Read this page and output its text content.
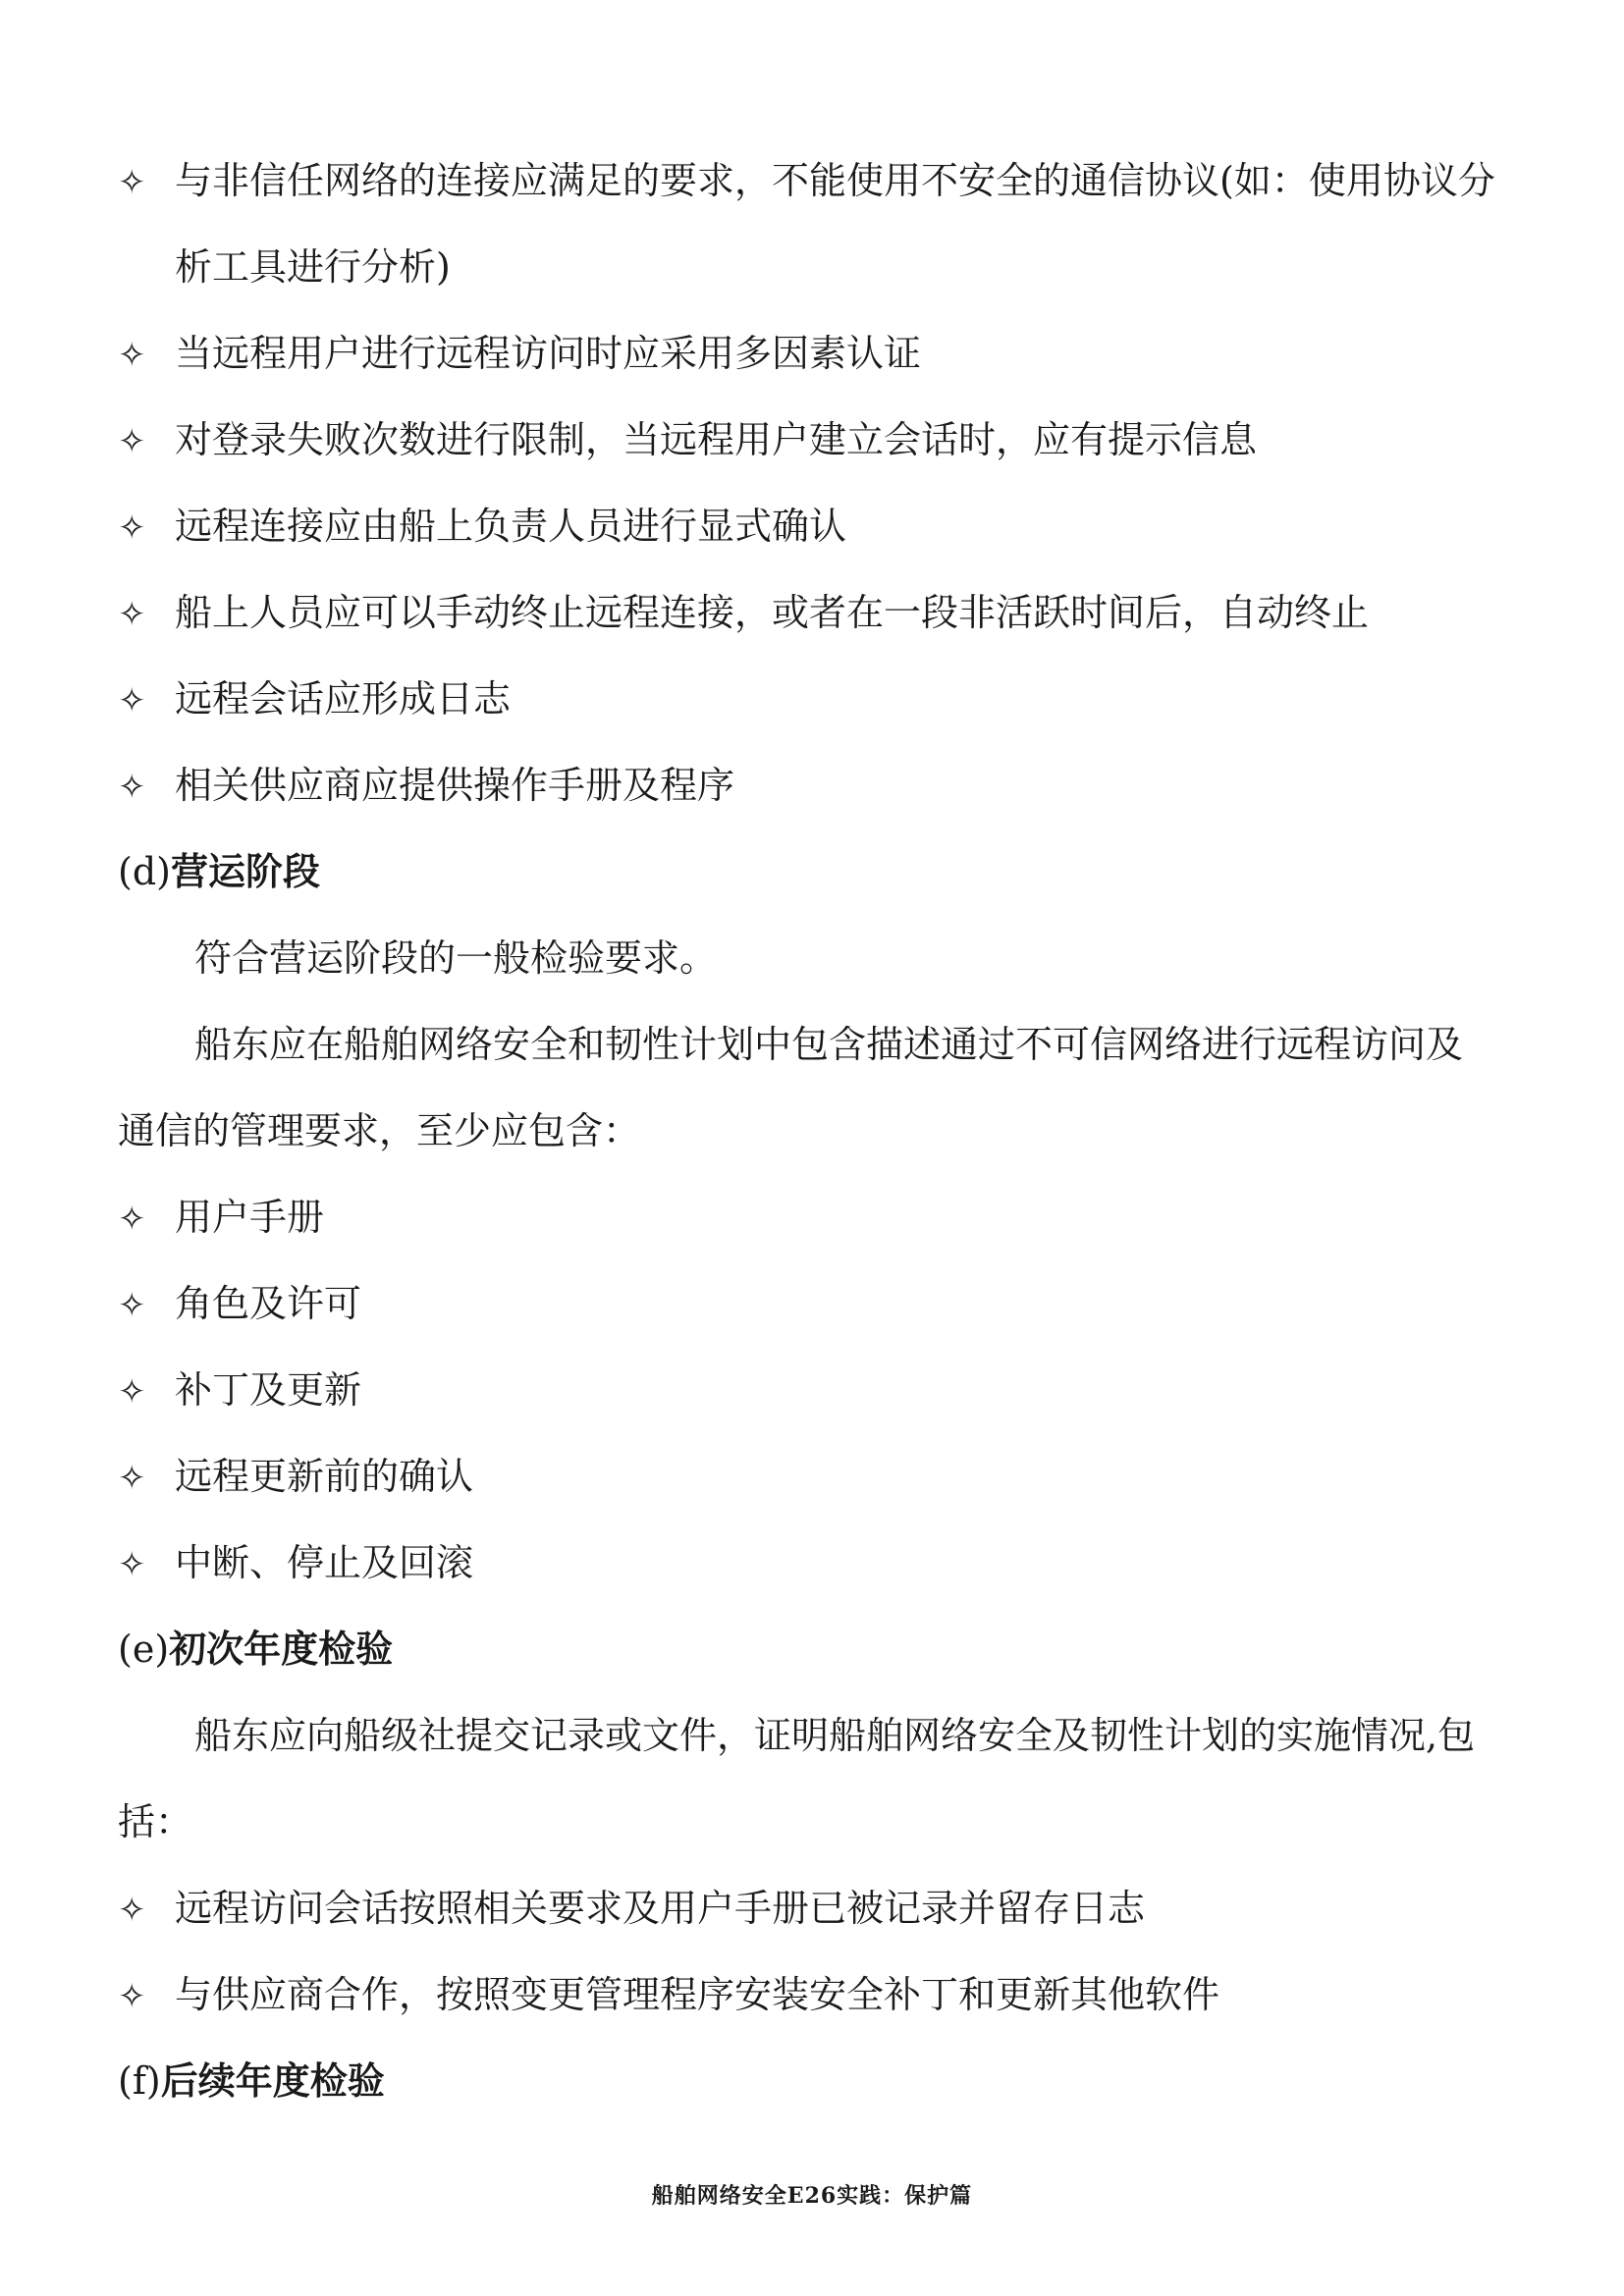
✧ 与非信任网络的连接应满足的要求，不能使用不安全的通信协议(如：使用协议分
析工具进行分析)
✧ 当远程用户进行远程访问时应采用多因素认证
✧ 对登录失败次数进行限制，当远程用户建立会话时，应有提示信息
✧ 远程连接应由船上负责人员进行显式确认
✧ 船上人员应可以手动终止远程连接，或者在一段非活跃时间后，自动终止
✧ 远程会话应形成日志
✧ 相关供应商应提供操作手册及程序
(d)营运阶段
符合营运阶段的一般检验要求。
船东应在船舶网络安全和韧性计划中包含描述通过不可信网络进行远程访问及
通信的管理要求，至少应包含：
✧ 用户手册
✧ 角色及许可
✧ 补丁及更新
✧ 远程更新前的确认
✧ 中断、停止及回滚
(e)初次年度检验
船东应向船级社提交记录或文件，证明船舶网络安全及韧性计划的实施情况,包
括：
✧ 远程访问会话按照相关要求及用户手册已被记录并留存日志
✧ 与供应商合作，按照变更管理程序安装安全补丁和更新其他软件
(f)后续年度检验
船舶网络安全E26实践：保护篇
